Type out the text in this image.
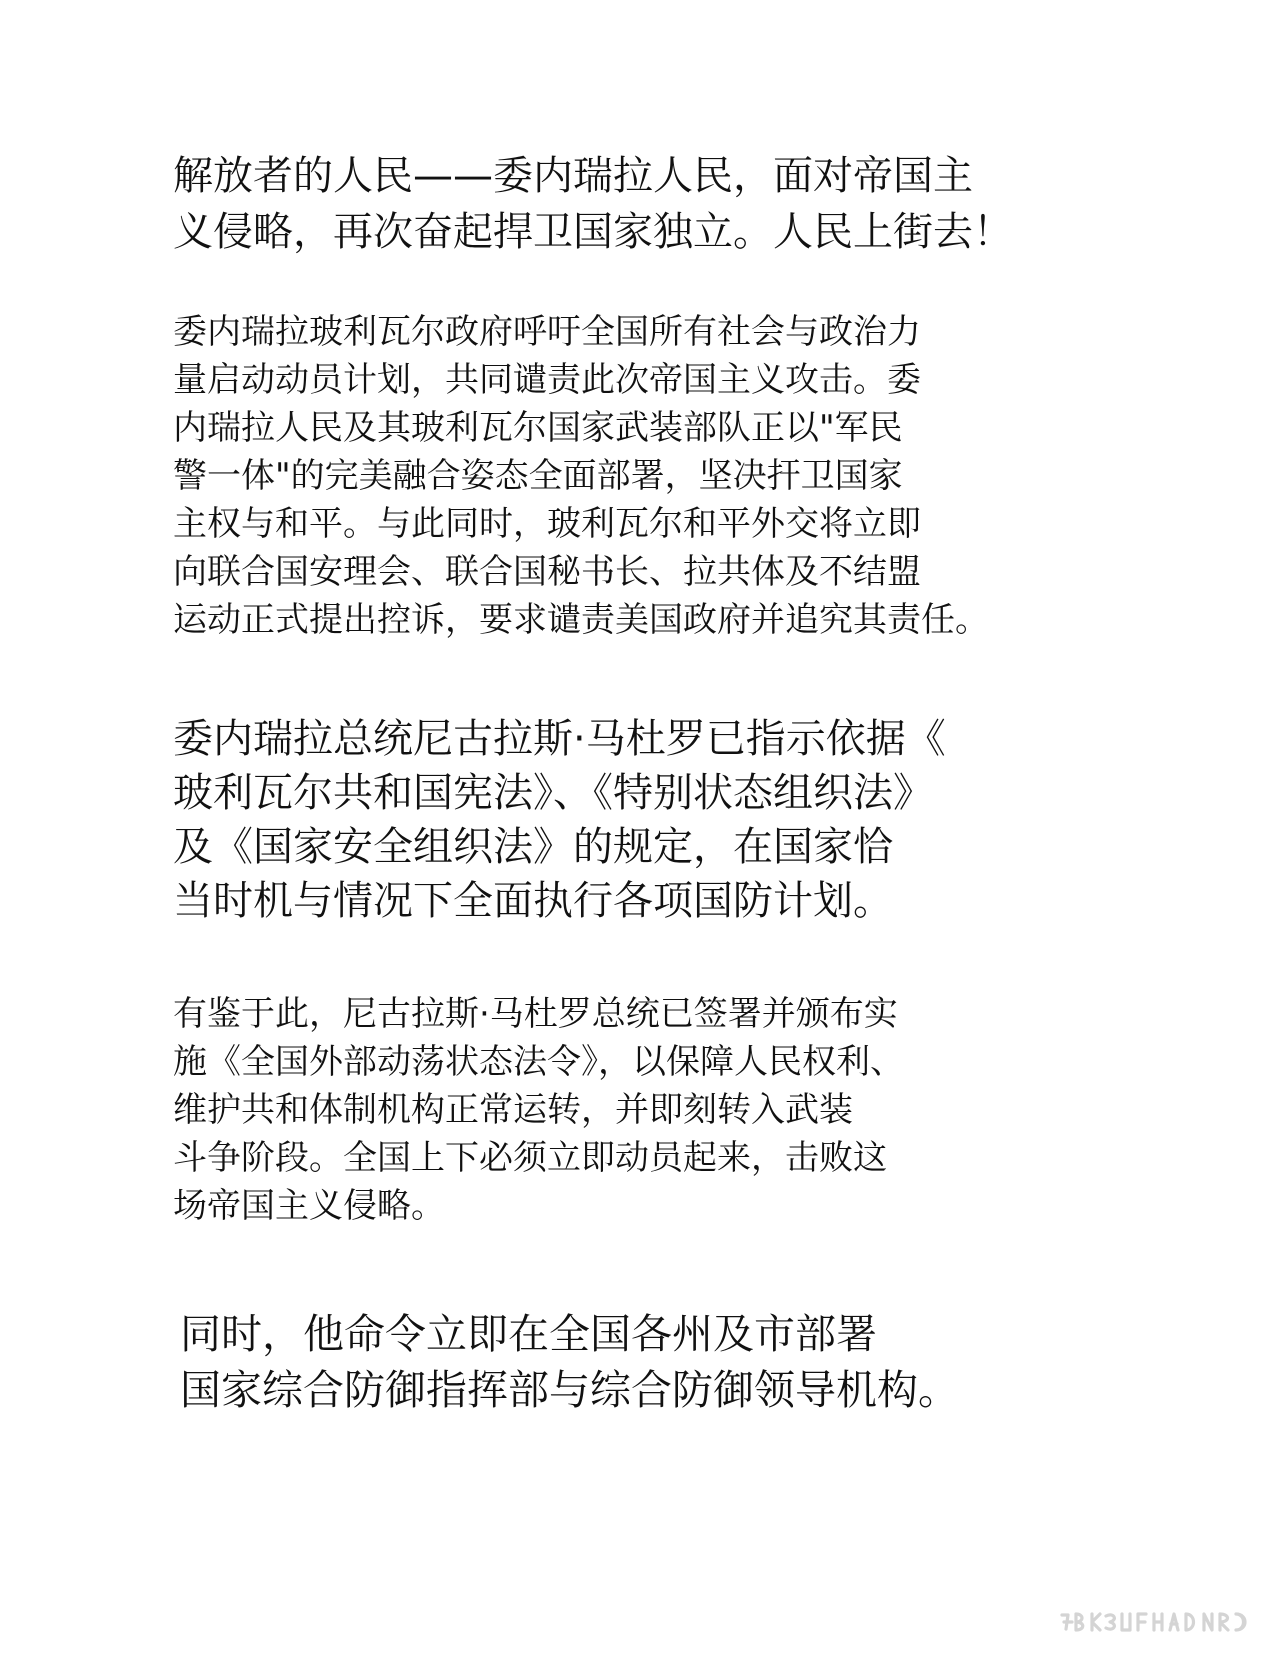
解放者的人民——委内瑞拉人民，面对帝国主
义侵略，再次奋起捍卫国家独立。人民上街去！
委内瑞拉玻利瓦尔政府呼吁全国所有社会与政治力
量启动动员计划，共同谴责此次帝国主义攻击。委
内瑞拉人民及其玻利瓦尔国家武装部队正以"军民
警一体"的完美融合姿态全面部署，坚决扞卫国家
主权与和平。与此同时，玻利瓦尔和平外交将立即
向联合国安理会、联合国秘书长、拉共体及不结盟
运动正式提出控诉，要求谴责美国政府并追究其责任。
委内瑞拉总统尼古拉斯·马杜罗已指示依据《
玻利瓦尔共和国宪法》、《特别状态组织法》
及《国家安全组织法》的规定，在国家恰
当时机与情况下全面执行各项国防计划。
有鉴于此，尼古拉斯·马杜罗总统已签署并颁布实
施《全国外部动荡状态法令》，以保障人民权利、
维护共和体制机构正常运转，并即刻转入武装
斗争阶段。全国上下必须立即动员起来，击败这
场帝国主义侵略。
同时，他命令立即在全国各州及市部署
国家综合防御指挥部与综合防御领导机构。
